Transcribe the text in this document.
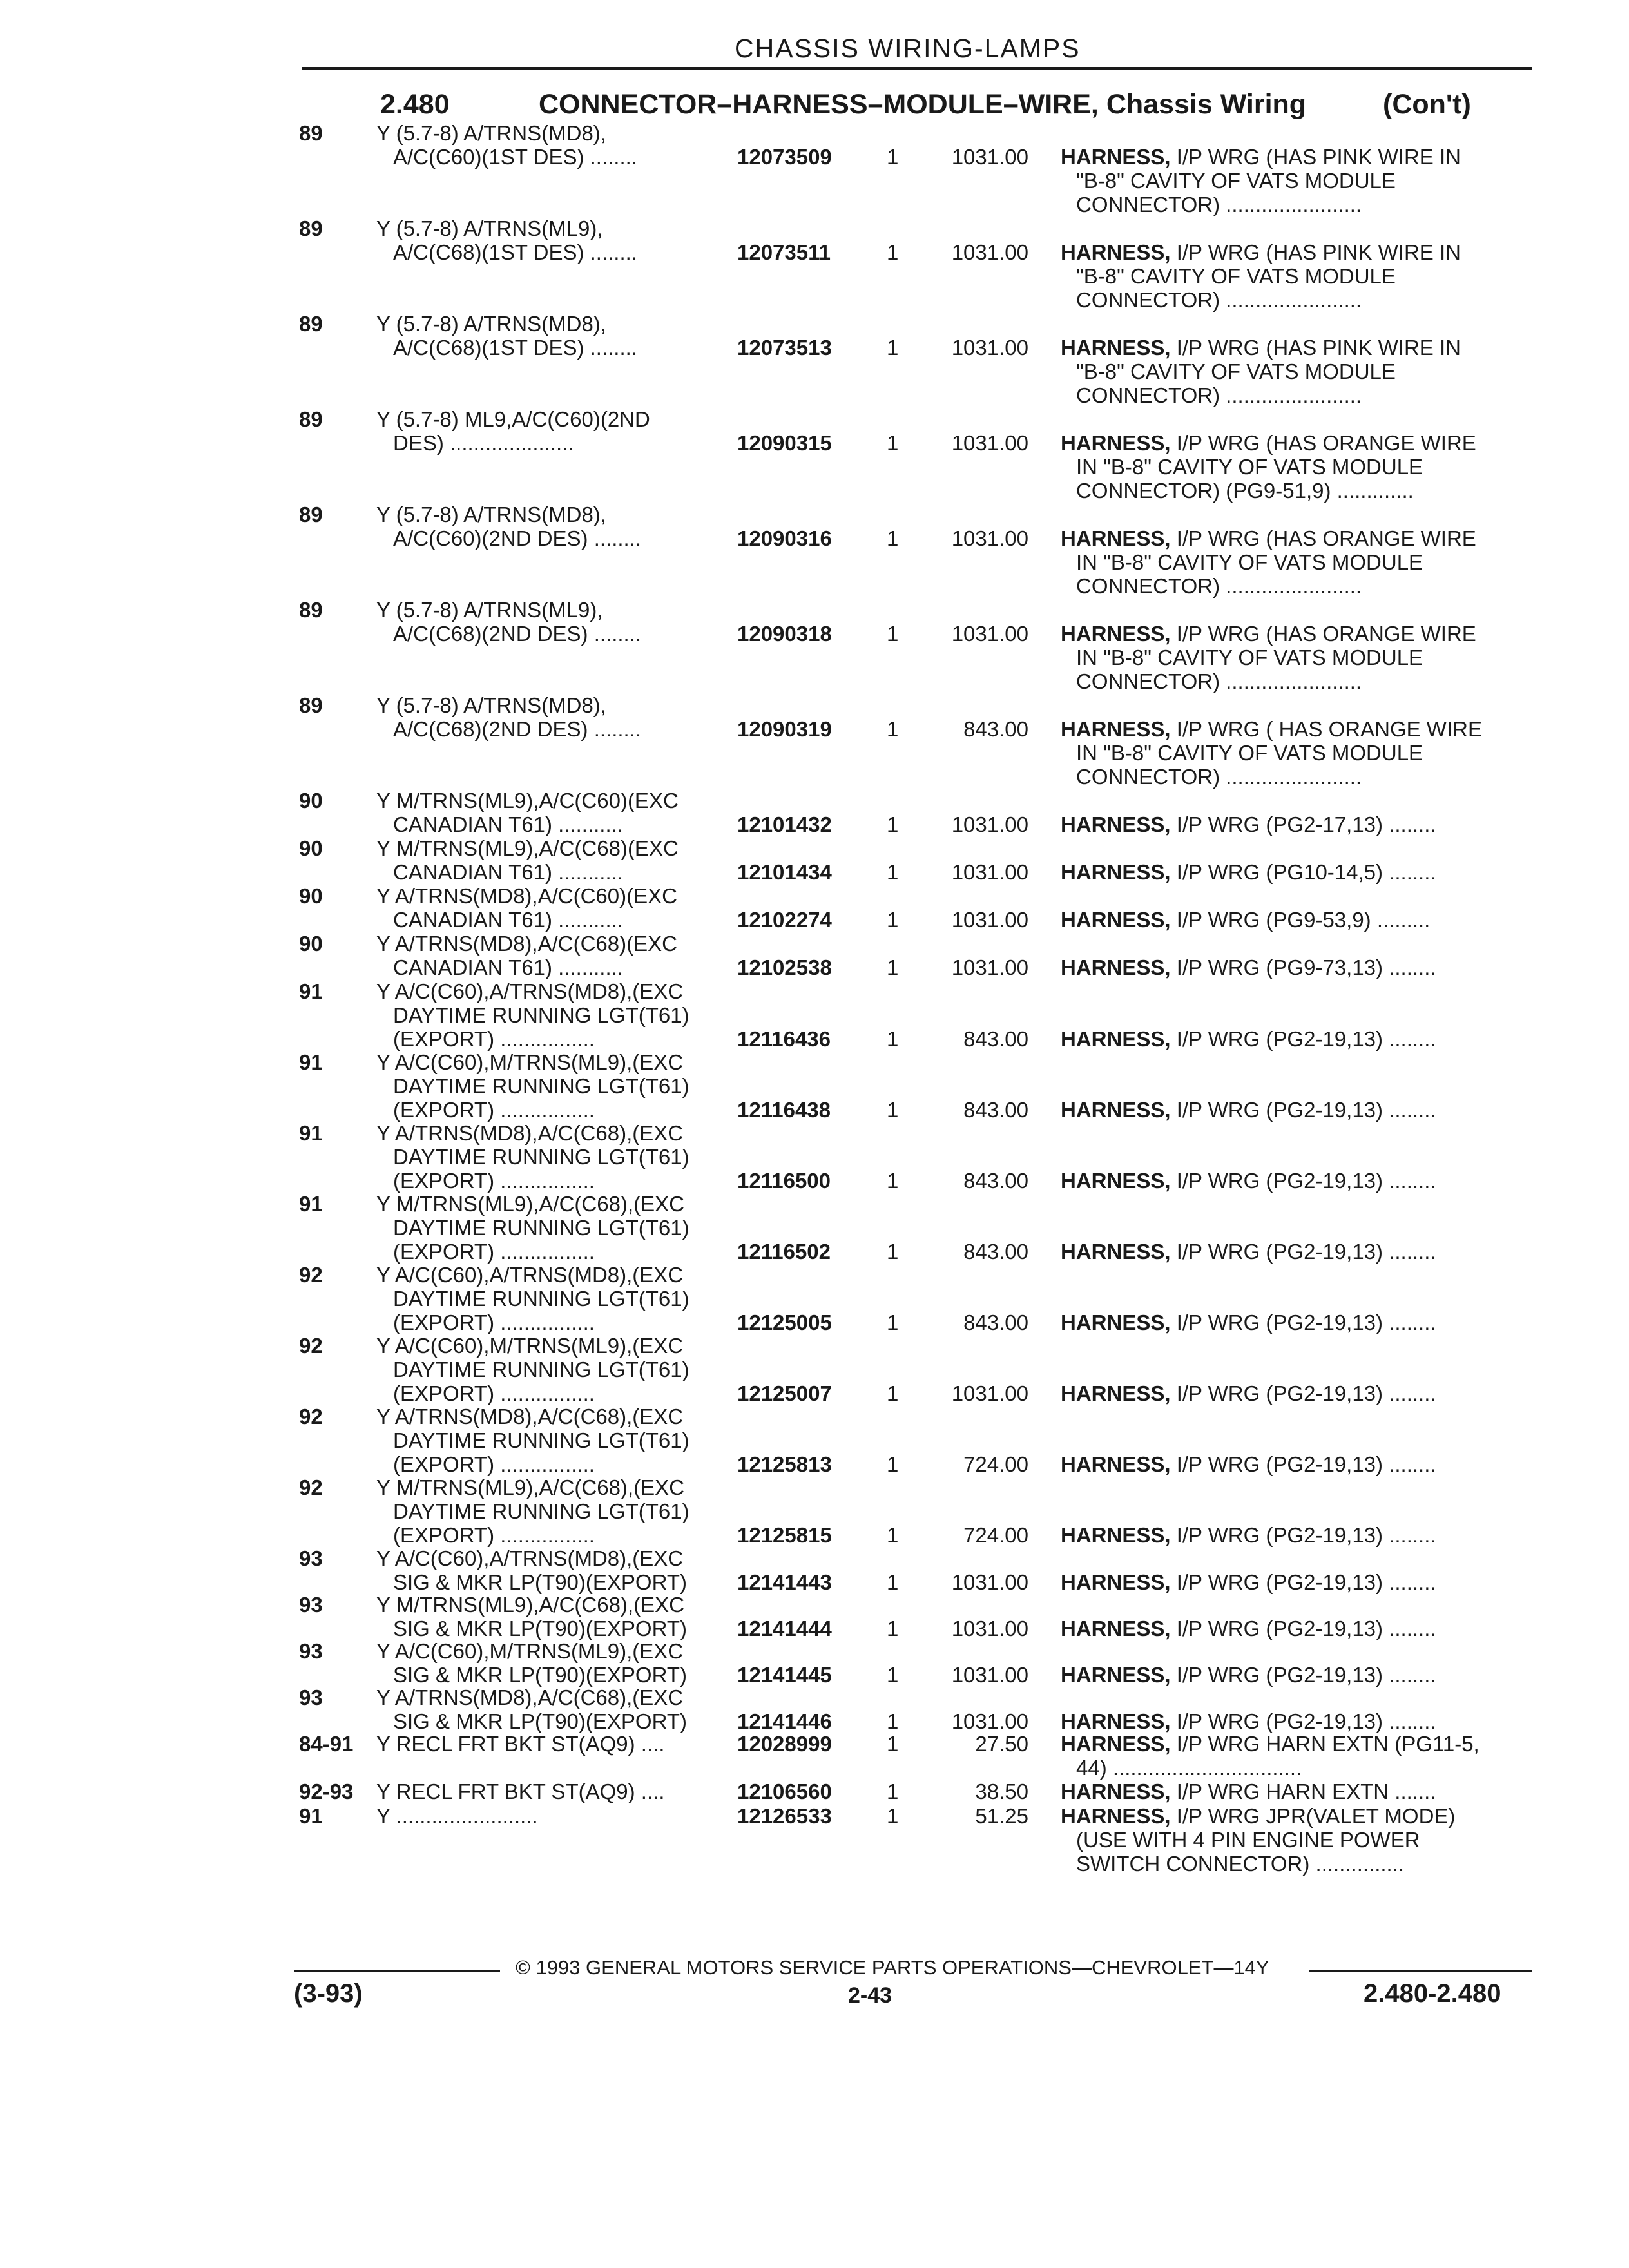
CHASSIS WIRING-LAMPS
2.480	CONNECTOR–HARNESS–MODULE–WIRE, Chassis Wiring	(Con't)
89	Y (5.7-8) A/TRNS(MD8),
A/C(C60)(1ST DES) ........	12073509	1	1031.00 HARNESS, I/P WRG (HAS PINK WIRE IN
"B-8" CAVITY OF VATS MODULE
CONNECTOR) .......................
89	Y (5.7-8) A/TRNS(ML9),
A/C(C68)(1ST DES) ........	12073511	1	1031.00 HARNESS, I/P WRG (HAS PINK WIRE IN
"B-8" CAVITY OF VATS MODULE
CONNECTOR) .......................
89	Y (5.7-8) A/TRNS(MD8),
A/C(C68)(1ST DES) ........	12073513	1	1031.00 HARNESS, I/P WRG (HAS PINK WIRE IN
"B-8" CAVITY OF VATS MODULE
CONNECTOR) .......................
89	Y (5.7-8) ML9,A/C(C60)(2ND
DES) .....................	12090315	1	1031.00 HARNESS, I/P WRG (HAS ORANGE WIRE
IN "B-8" CAVITY OF VATS MODULE
CONNECTOR) (PG9-51,9) .............
89	Y (5.7-8) A/TRNS(MD8),
A/C(C60)(2ND DES) ........	12090316	1	1031.00 HARNESS, I/P WRG (HAS ORANGE WIRE
IN "B-8" CAVITY OF VATS MODULE
CONNECTOR) .......................
89	Y (5.7-8) A/TRNS(ML9),
A/C(C68)(2ND DES) ........	12090318	1	1031.00 HARNESS, I/P WRG (HAS ORANGE WIRE
IN "B-8" CAVITY OF VATS MODULE
CONNECTOR) .......................
89	Y (5.7-8) A/TRNS(MD8),
A/C(C68)(2ND DES) ........	12090319	1	843.00 HARNESS, I/P WRG ( HAS ORANGE WIRE
IN "B-8" CAVITY OF VATS MODULE
CONNECTOR) .......................
90	Y M/TRNS(ML9),A/C(C60)(EXC
CANADIAN T61) ...........	12101432	1	1031.00 HARNESS, I/P WRG (PG2-17,13) ........
90	Y M/TRNS(ML9),A/C(C68)(EXC
CANADIAN T61) ...........	12101434	1	1031.00 HARNESS, I/P WRG (PG10-14,5) ........
90	Y A/TRNS(MD8),A/C(C60)(EXC
CANADIAN T61) ...........	12102274	1	1031.00 HARNESS, I/P WRG (PG9-53,9) .........
90	Y A/TRNS(MD8),A/C(C68)(EXC
CANADIAN T61) ...........	12102538	1	1031.00 HARNESS, I/P WRG (PG9-73,13) ........
91	Y A/C(C60),A/TRNS(MD8),(EXC
DAYTIME RUNNING LGT(T61)
(EXPORT) ................	12116436	1	843.00 HARNESS, I/P WRG (PG2-19,13) ........
91	Y A/C(C60),M/TRNS(ML9),(EXC
DAYTIME RUNNING LGT(T61)
(EXPORT) ................	12116438	1	843.00 HARNESS, I/P WRG (PG2-19,13) ........
91	Y A/TRNS(MD8),A/C(C68),(EXC
DAYTIME RUNNING LGT(T61)
(EXPORT) ................	12116500	1	843.00 HARNESS, I/P WRG (PG2-19,13) ........
91	Y M/TRNS(ML9),A/C(C68),(EXC
DAYTIME RUNNING LGT(T61)
(EXPORT) ................	12116502	1	843.00 HARNESS, I/P WRG (PG2-19,13) ........
92	Y A/C(C60),A/TRNS(MD8),(EXC
DAYTIME RUNNING LGT(T61)
(EXPORT) ................	12125005	1	843.00 HARNESS, I/P WRG (PG2-19,13) ........
92	Y A/C(C60),M/TRNS(ML9),(EXC
DAYTIME RUNNING LGT(T61)
(EXPORT) ................	12125007	1	1031.00 HARNESS, I/P WRG (PG2-19,13) ........
92	Y A/TRNS(MD8),A/C(C68),(EXC
DAYTIME RUNNING LGT(T61)
(EXPORT) ................	12125813	1	724.00 HARNESS, I/P WRG (PG2-19,13) ........
92	Y M/TRNS(ML9),A/C(C68),(EXC
DAYTIME RUNNING LGT(T61)
(EXPORT) ................	12125815	1	724.00 HARNESS, I/P WRG (PG2-19,13) ........
93	Y A/C(C60),A/TRNS(MD8),(EXC
SIG & MKR LP(T90)(EXPORT)	12141443	1	1031.00 HARNESS, I/P WRG (PG2-19,13) ........
93	Y M/TRNS(ML9),A/C(C68),(EXC
SIG & MKR LP(T90)(EXPORT)	12141444	1	1031.00 HARNESS, I/P WRG (PG2-19,13) ........
93	Y A/C(C60),M/TRNS(ML9),(EXC
SIG & MKR LP(T90)(EXPORT)	12141445	1	1031.00 HARNESS, I/P WRG (PG2-19,13) ........
93	Y A/TRNS(MD8),A/C(C68),(EXC
SIG & MKR LP(T90)(EXPORT)	12141446	1	1031.00 HARNESS, I/P WRG (PG2-19,13) ........
84-91 Y RECL FRT BKT ST(AQ9) ....	12028999	1	27.50 HARNESS, I/P WRG HARN EXTN (PG11-5,
44) ................................
92-93 Y RECL FRT BKT ST(AQ9) ....	12106560	1	38.50 HARNESS, I/P WRG HARN EXTN .......
91	Y ........................	12126533	1	51.25 HARNESS, I/P WRG JPR(VALET MODE)
(USE WITH 4 PIN ENGINE POWER
SWITCH CONNECTOR) ...............
© 1993 GENERAL MOTORS SERVICE PARTS OPERATIONS—CHEVROLET—14Y
(3-93)	2-43	2.480-2.480
